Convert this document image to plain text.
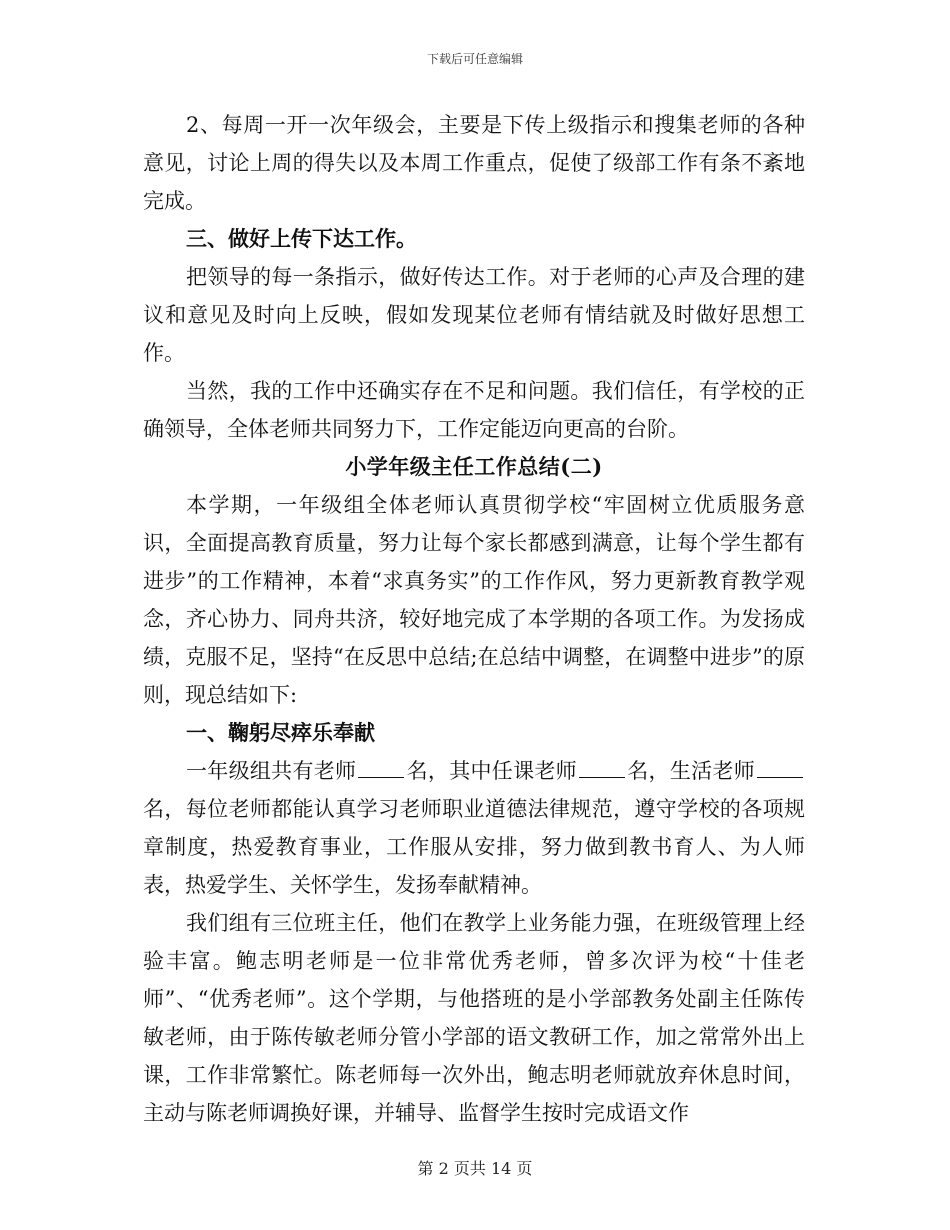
下载后可任意编辑

2、每周一开一次年级会，主要是下传上级指示和搜集老师的各种意见，讨论上周的得失以及本周工作重点，促使了级部工作有条不紊地完成。

三、做好上传下达工作。

把领导的每一条指示，做好传达工作。对于老师的心声及合理的建议和意见及时向上反映，假如发现某位老师有情结就及时做好思想工作。

当然，我的工作中还确实存在不足和问题。我们信任，有学校的正确领导，全体老师共同努力下，工作定能迈向更高的台阶。

小学年级主任工作总结(二)

本学期，一年级组全体老师认真贯彻学校“牢固树立优质服务意识，全面提高教育质量，努力让每个家长都感到满意，让每个学生都有进步”的工作精神，本着“求真务实”的工作作风，努力更新教育教学观念，齐心协力、同舟共济，较好地完成了本学期的各项工作。为发扬成绩，克服不足，坚持“在反思中总结;在总结中调整，在调整中进步”的原则，现总结如下:

一、鞠躬尽瘁乐奉献

一年级组共有老师 名，其中任课老师 名，生活老师名，每位老师都能认真学习老师职业道德法律规范，遵守学校的各项规章制度，热爱教育事业，工作服从安排，努力做到教书育人、为人师表，热爱学生、关怀学生，发扬奉献精神。

我们组有三位班主任，他们在教学上业务能力强，在班级管理上经验丰富。鲍志明老师是一位非常优秀老师，曾多次评为校“十佳老师”、“优秀老师”。这个学期，与他搭班的是小学部教务处副主任陈传敏老师，由于陈传敏老师分管小学部的语文教研工作，加之常常外出上课，工作非常繁忙。陈老师每一次外出，鲍志明老师就放弃休息时间，主动与陈老师调换好课，并辅导、监督学生按时完成语文作

第 2 页共 14 页
